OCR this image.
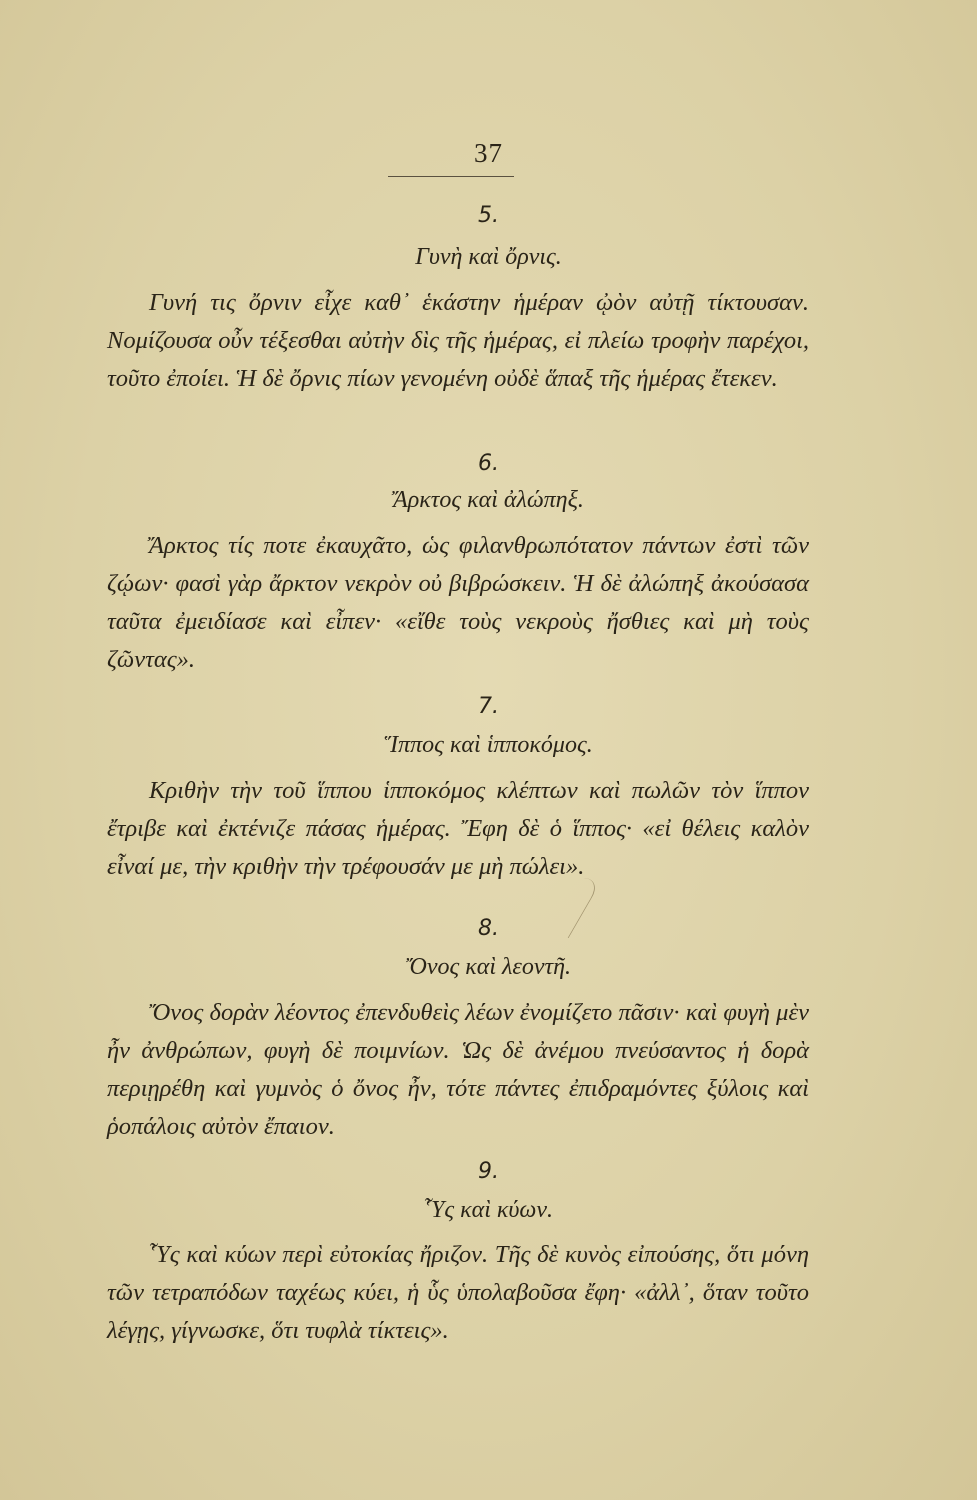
37
5.
Γυνὴ καὶ ὄρνις.
Γυνή τις ὄρνιν εἶχε καθ᾽ ἑκάστην ἡμέραν ᾠὸν αὐτῇ τίκτουσαν. Νομίζουσα οὖν τέξεσθαι αὐτὴν δὶς τῆς ἡμέρας, εἰ πλείω τροφὴν παρέχοι, τοῦτο ἐποίει. Ἡ δὲ ὄρνις πίων γενομένη οὐδὲ ἅπαξ τῆς ἡμέρας ἔτεκεν.
6.
Ἄρκτος καὶ ἀλώπηξ.
Ἄρκτος τίς ποτε ἐκαυχᾶτο, ὡς φιλανθρωπότατον πάντων ἐστὶ τῶν ζῴων· φασὶ γὰρ ἄρκτον νεκρὸν οὐ βιβρώσκειν. Ἡ δὲ ἀλώπηξ ἀκούσασα ταῦτα ἐμειδίασε καὶ εἶπεν· «εἴθε τοὺς νεκροὺς ἤσθιες καὶ μὴ τοὺς ζῶντας».
7.
Ἵππος καὶ ἱπποκόμος.
Κριθὴν τὴν τοῦ ἵππου ἱπποκόμος κλέπτων καὶ πωλῶν τὸν ἵππον ἔτριβε καὶ ἐκτένιζε πάσας ἡμέρας. Ἔφη δὲ ὁ ἵππος· «εἰ θέλεις καλὸν εἶναί με, τὴν κριθὴν τὴν τρέφουσάν με μὴ πώλει».
8.
Ὄνος καὶ λεοντῆ.
Ὄνος δορὰν λέοντος ἐπενδυθεὶς λέων ἐνομίζετο πᾶσιν· καὶ φυγὴ μὲν ἦν ἀνθρώπων, φυγὴ δὲ ποιμνίων. Ὡς δὲ ἀνέμου πνεύσαντος ἡ δορὰ περιῃρέθη καὶ γυμνὸς ὁ ὄνος ἦν, τότε πάντες ἐπιδραμόντες ξύλοις καὶ ῥοπάλοις αὐτὸν ἔπαιον.
9.
Ὗς καὶ κύων.
Ὗς καὶ κύων περὶ εὐτοκίας ἤριζον. Τῆς δὲ κυνὸς εἰπούσης, ὅτι μόνη τῶν τετραπόδων ταχέως κύει, ἡ ὗς ὑπολαβοῦσα ἔφη· «ἀλλ᾽, ὅταν τοῦτο λέγῃς, γίγνωσκε, ὅτι τυφλὰ τίκτεις».
